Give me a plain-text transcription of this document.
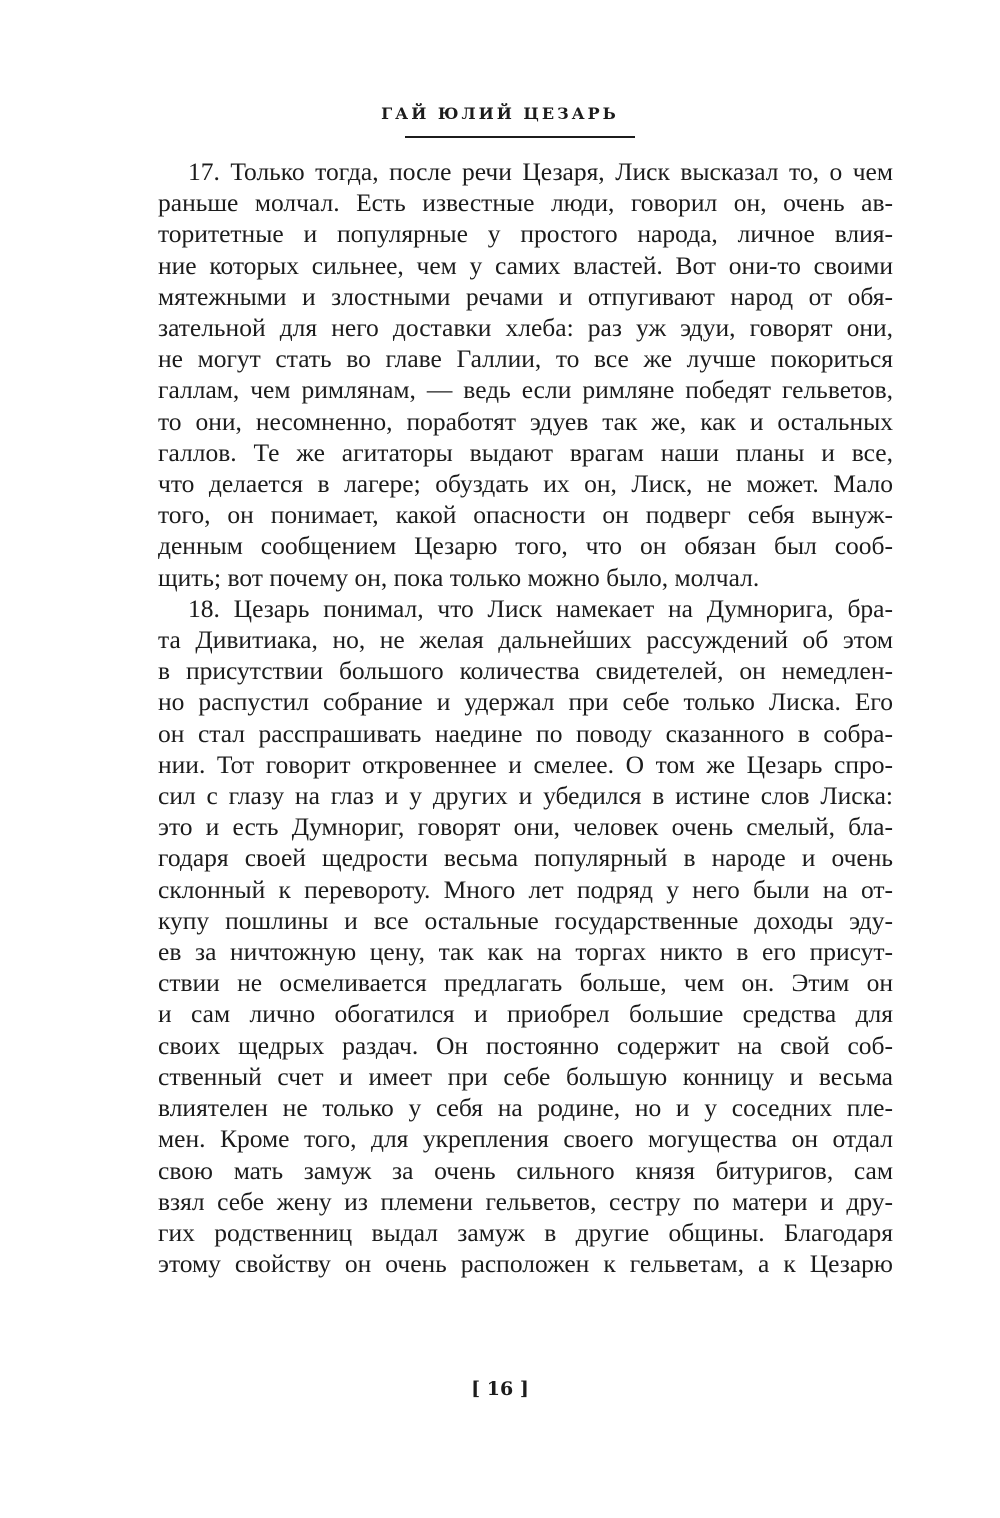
ГАЙ ЮЛИЙ ЦЕЗАРЬ
17. Только тогда, после речи Цезаря, Лиск высказал то, о чем
раньше молчал. Есть известные люди, говорил он, очень ав-
торитетные и популярные у простого народа, личное влия-
ние которых сильнее, чем у самих властей. Вот они-то своими
мятежными и злостными речами и отпугивают народ от обя-
зательной для него доставки хлеба: раз уж эдуи, говорят они,
не могут стать во главе Галлии, то все же лучше покориться
галлам, чем римлянам, — ведь если римляне победят гельветов,
то они, несомненно, поработят эдуев так же, как и остальных
галлов. Те же агитаторы выдают врагам наши планы и все,
что делается в лагере; обуздать их он, Лиск, не может. Мало
того, он понимает, какой опасности он подверг себя вынуж-
денным сообщением Цезарю того, что он обязан был сооб-
щить; вот почему он, пока только можно было, молчал.
18. Цезарь понимал, что Лиск намекает на Думнорига, бра-
та Дивитиака, но, не желая дальнейших рассуждений об этом
в присутствии большого количества свидетелей, он немедлен-
но распустил собрание и удержал при себе только Лиска. Его
он стал расспрашивать наедине по поводу сказанного в собра-
нии. Тот говорит откровеннее и смелее. О том же Цезарь спро-
сил с глазу на глаз и у других и убедился в истине слов Лиска:
это и есть Думнориг, говорят они, человек очень смелый, бла-
годаря своей щедрости весьма популярный в народе и очень
склонный к перевороту. Много лет подряд у него были на от-
купу пошлины и все остальные государственные доходы эду-
ев за ничтожную цену, так как на торгах никто в его присут-
ствии не осмеливается предлагать больше, чем он. Этим он
и сам лично обогатился и приобрел большие средства для
своих щедрых раздач. Он постоянно содержит на свой соб-
ственный счет и имеет при себе большую конницу и весьма
влиятелен не только у себя на родине, но и у соседних пле-
мен. Кроме того, для укрепления своего могущества он отдал
свою мать замуж за очень сильного князя битуригов, сам
взял себе жену из племени гельветов, сестру по матери и дру-
гих родственниц выдал замуж в другие общины. Благодаря
этому свойству он очень расположен к гельветам, а к Цезарю
[ 16 ]
